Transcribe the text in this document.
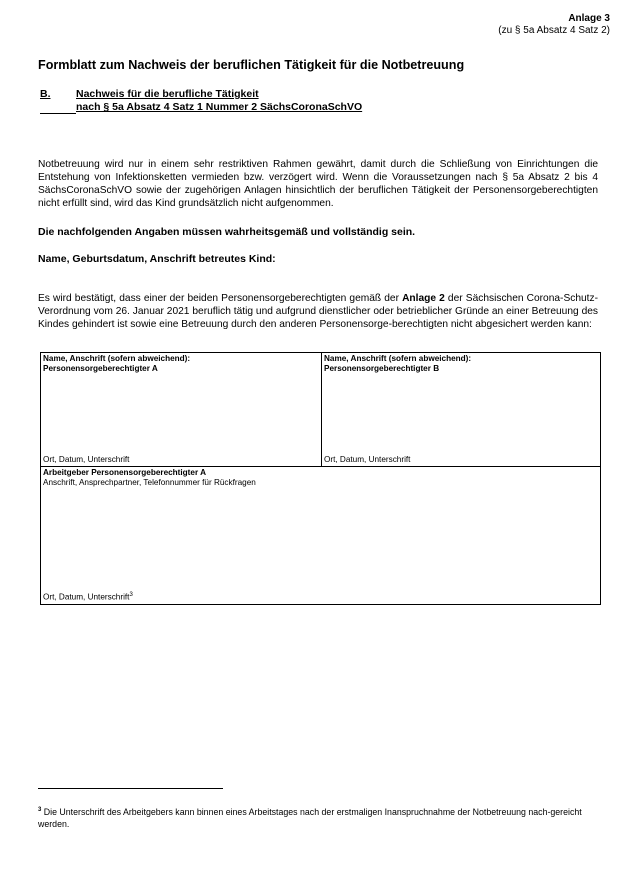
Anlage 3
(zu § 5a Absatz 4 Satz 2)
Formblatt zum Nachweis der beruflichen Tätigkeit für die Notbetreuung
B.	Nachweis für die berufliche Tätigkeit
nach § 5a Absatz 4 Satz 1 Nummer 2 SächsCoronaSchVO
Notbetreuung wird nur in einem sehr restriktiven Rahmen gewährt, damit durch die Schließung von Einrichtungen die Entstehung von Infektionsketten vermieden bzw. verzögert wird. Wenn die Voraussetzungen nach § 5a Absatz 2 bis 4 SächsCoronaSchVO sowie der zugehörigen Anlagen hinsichtlich der beruflichen Tätigkeit der Personensorgeberechtigten nicht erfüllt sind, wird das Kind grundsätzlich nicht aufgenommen.
Die nachfolgenden Angaben müssen wahrheitsgemäß und vollständig sein.
Name, Geburtsdatum, Anschrift betreutes Kind:
Es wird bestätigt, dass einer der beiden Personensorgeberechtigten gemäß der Anlage 2 der Sächsischen Corona-Schutz-Verordnung vom 26. Januar 2021 beruflich tätig und aufgrund dienstlicher oder betrieblicher Gründe an einer Betreuung des Kindes gehindert ist sowie eine Betreuung durch den anderen Personensorge-berechtigten nicht abgesichert werden kann:
Name, Anschrift (sofern abweichend):
Personensorgeberechtigter A
Ort, Datum, Unterschrift
Name, Anschrift (sofern abweichend):
Personensorgeberechtigter B
Ort, Datum, Unterschrift
Arbeitgeber Personensorgeberechtigter A
Anschrift, Ansprechpartner, Telefonnummer für Rückfragen
Ort, Datum, Unterschrift$^3$
$^3$ Die Unterschrift des Arbeitgebers kann binnen eines Arbeitstages nach der erstmaligen Inanspruchnahme der Notbetreuung nach-gereicht werden.
